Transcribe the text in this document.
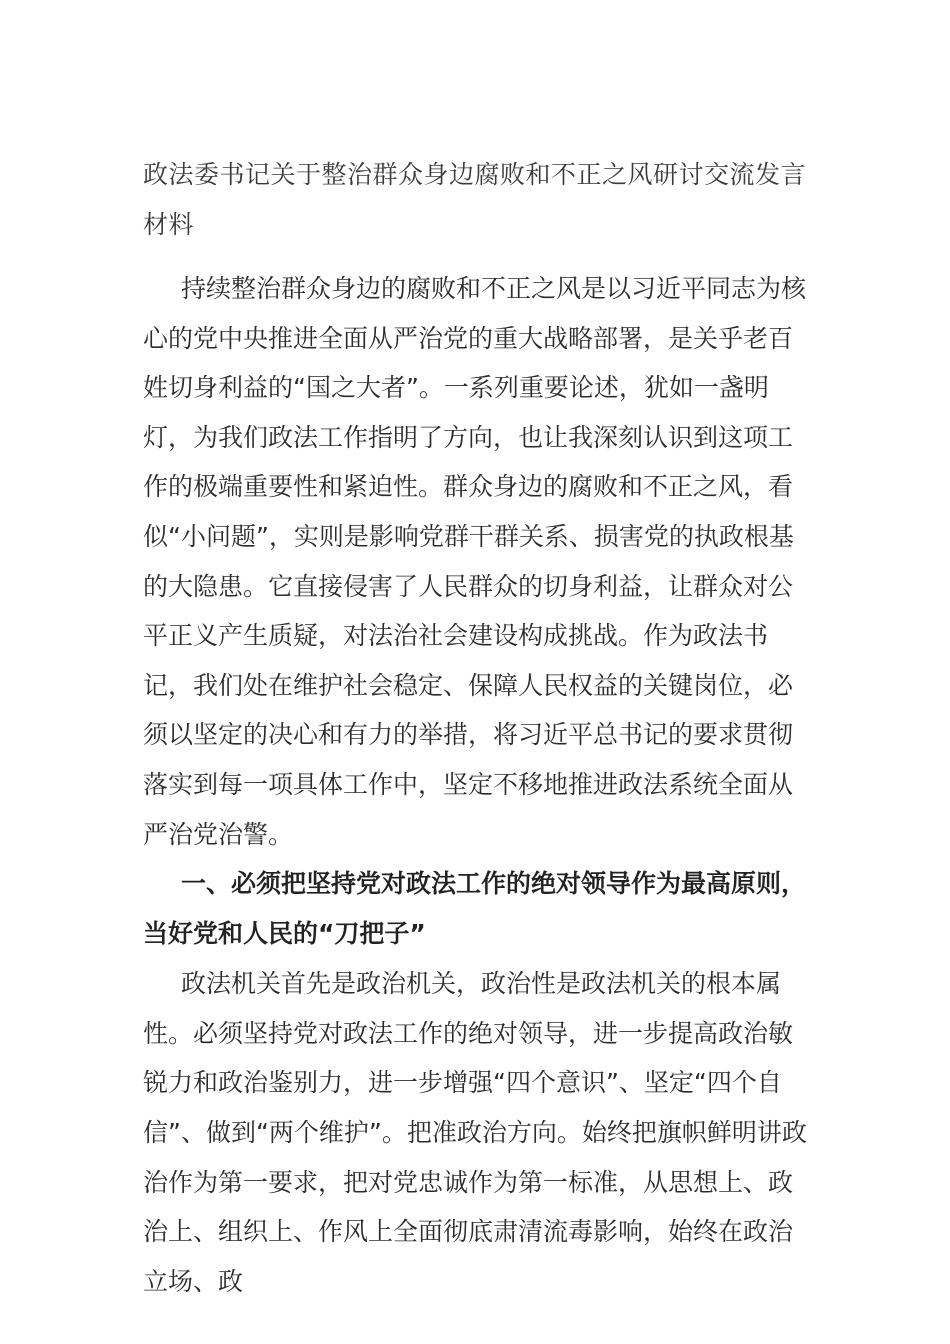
政法委书记关于整治群众身边腐败和不正之风研讨交流发言材料

持续整治群众身边的腐败和不正之风是以习近平同志为核心的党中央推进全面从严治党的重大战略部署，是关乎老百姓切身利益的“国之大者”。一系列重要论述，犹如一盏明灯，为我们政法工作指明了方向，也让我深刻认识到这项工作的极端重要性和紧迫性。群众身边的腐败和不正之风，看似“小问题”，实则是影响党群干群关系、损害党的执政根基的大隐患。它直接侵害了人民群众的切身利益，让群众对公平正义产生质疑，对法治社会建设构成挑战。作为政法书记，我们处在维护社会稳定、保障人民权益的关键岗位，必须以坚定的决心和有力的举措，将习近平总书记的要求贯彻落实到每一项具体工作中，坚定不移地推进政法系统全面从严治党治警。

一、必须把坚持党对政法工作的绝对领导作为最高原则，当好党和人民的“刀把子”

政法机关首先是政治机关，政治性是政法机关的根本属性。必须坚持党对政法工作的绝对领导，进一步提高政治敏锐力和政治鉴别力，进一步增强“四个意识”、坚定“四个自信”、做到“两个维护”。把准政治方向。始终把旗帜鲜明讲政治作为第一要求，把对党忠诚作为第一标准，从思想上、政治上、组织上、作风上全面彻底肃清流毒影响，始终在政治立场、政
